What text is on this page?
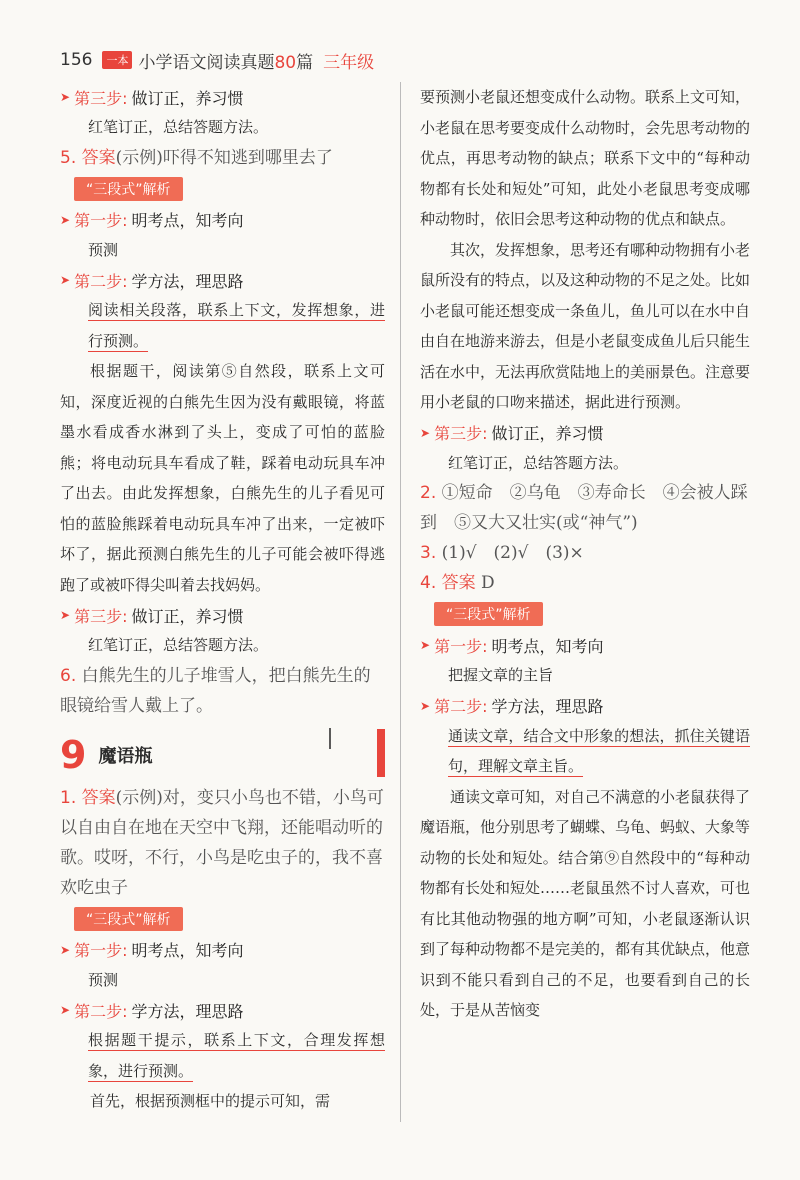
156	一本 小学语文阅读真题80篇 三年级
➤ 第三步: 做订正，养习惯
红笔订正，总结答题方法。
5. 答案(示例)吓得不知逃到哪里去了
“三段式”解析
➤ 第一步: 明考点，知考向
预测
➤ 第二步: 学方法，理思路
阅读相关段落，联系上下文，发挥想象，进行预测。
根据题干，阅读第⑤自然段，联系上文可知，深度近视的白熊先生因为没有戴眼镜，将蓝墨水看成香水淋到了头上，变成了可怕的蓝脸熊；将电动玩具车看成了鞋，踩着电动玩具车冲了出去。由此发挥想象，白熊先生的儿子看见可怕的蓝脸熊踩着电动玩具车冲了出来，一定被吓坏了，据此预测白熊先生的儿子可能会被吓得逃跑了或被吓得尖叫着去找妈妈。
➤ 第三步: 做订正，养习惯
红笔订正，总结答题方法。
6. 白熊先生的儿子堆雪人，把白熊先生的眼镜给雪人戴上了。
9 魔语瓶
1. 答案(示例)对，变只小鸟也不错，小鸟可以自由自在地在天空中飞翔，还能唱动听的歌。哎呀，不行，小鸟是吃虫子的，我不喜欢吃虫子
“三段式”解析
➤ 第一步: 明考点，知考向
预测
➤ 第二步: 学方法，理思路
根据题干提示，联系上下文，合理发挥想象，进行预测。
首先，根据预测框中的提示可知，需
要预测小老鼠还想变成什么动物。联系上文可知，小老鼠在思考要变成什么动物时，会先思考动物的优点，再思考动物的缺点；联系下文中的“每种动物都有长处和短处”可知，此处小老鼠思考变成哪种动物时，依旧会思考这种动物的优点和缺点。
其次，发挥想象，思考还有哪种动物拥有小老鼠所没有的特点，以及这种动物的不足之处。比如小老鼠可能还想变成一条鱼儿，鱼儿可以在水中自由自在地游来游去，但是小老鼠变成鱼儿后只能生活在水中，无法再欣赏陆地上的美丽景色。注意要用小老鼠的口吻来描述，据此进行预测。
➤ 第三步: 做订正，养习惯
红笔订正，总结答题方法。
2. ①短命　②乌龟　③寿命长　④会被人踩到　⑤又大又壮实(或“神气”)
3. (1)√　(2)√　(3)×
4. 答案 D
“三段式”解析
➤ 第一步: 明考点，知考向
把握文章的主旨
➤ 第二步: 学方法，理思路
通读文章，结合文中形象的想法，抓住关键语句，理解文章主旨。
通读文章可知，对自己不满意的小老鼠获得了魔语瓶，他分别思考了蝴蝶、乌龟、蚂蚁、大象等动物的长处和短处。结合第⑨自然段中的“每种动物都有长处和短处……老鼠虽然不讨人喜欢，可也有比其他动物强的地方啊”可知，小老鼠逐渐认识到了每种动物都不是完美的，都有其优缺点，他意识到不能只看到自己的不足，也要看到自己的长处，于是从苦恼变
